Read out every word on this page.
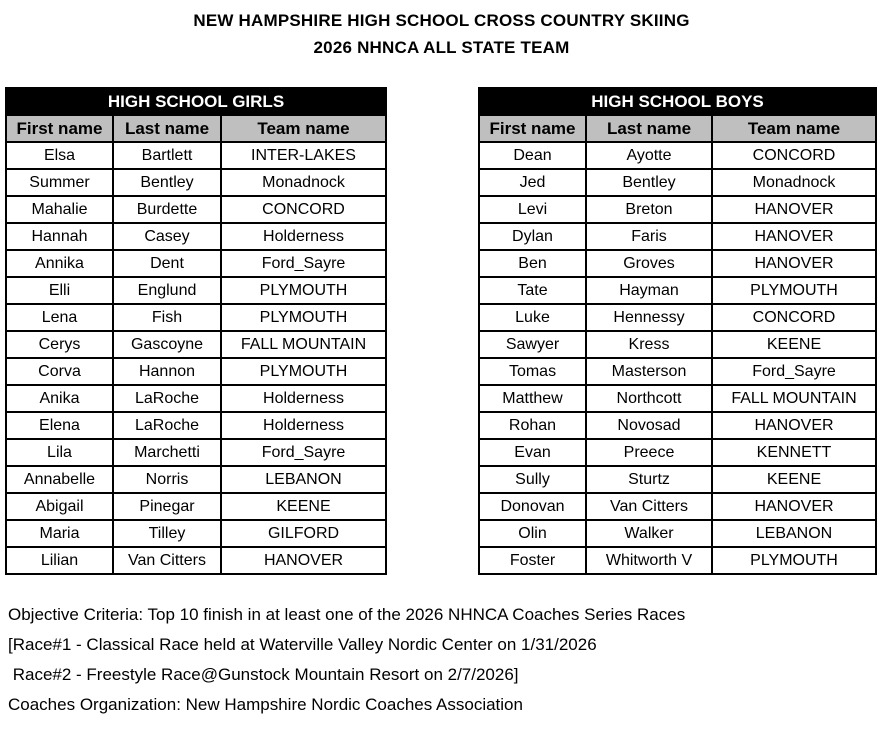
NEW HAMPSHIRE HIGH SCHOOL CROSS COUNTRY SKIING
2026 NHNCA ALL STATE TEAM
HIGH SCHOOL GIRLS		
First name	Last name	Team name
Elsa	Bartlett	INTER-LAKES
Summer	Bentley	Monadnock
Mahalie	Burdette	CONCORD
Hannah	Casey	Holderness
Annika	Dent	Ford_Sayre
Elli	Englund	PLYMOUTH
Lena	Fish	PLYMOUTH
Cerys	Gascoyne	FALL MOUNTAIN
Corva	Hannon	PLYMOUTH
Anika	LaRoche	Holderness
Elena	LaRoche	Holderness
Lila	Marchetti	Ford_Sayre
Annabelle	Norris	LEBANON
Abigail	Pinegar	KEENE
Maria	Tilley	GILFORD
Lilian	Van Citters	HANOVER
HIGH SCHOOL BOYS		
First name	Last name	Team name
Dean	Ayotte	CONCORD
Jed	Bentley	Monadnock
Levi	Breton	HANOVER
Dylan	Faris	HANOVER
Ben	Groves	HANOVER
Tate	Hayman	PLYMOUTH
Luke	Hennessy	CONCORD
Sawyer	Kress	KEENE
Tomas	Masterson	Ford_Sayre
Matthew	Northcott	FALL MOUNTAIN
Rohan	Novosad	HANOVER
Evan	Preece	KENNETT
Sully	Sturtz	KEENE
Donovan	Van Citters	HANOVER
Olin	Walker	LEBANON
Foster	Whitworth V	PLYMOUTH
Objective Criteria: Top 10 finish in at least one of the 2026 NHNCA Coaches Series Races
[Race#1 - Classical Race held at Waterville Valley Nordic Center on 1/31/2026
Race#2 - Freestyle Race@Gunstock Mountain Resort on 2/7/2026]
Coaches Organization: New Hampshire Nordic Coaches Association
